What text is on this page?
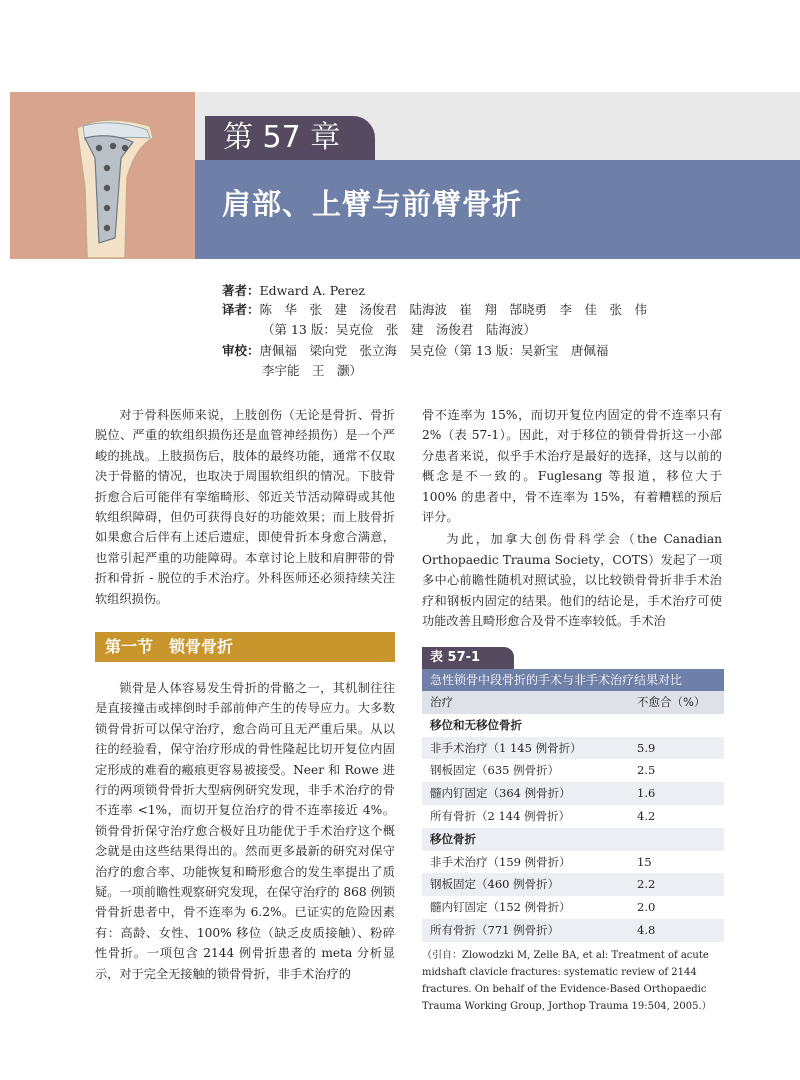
第 57 章
肩部、上臂与前臂骨折
著者：Edward A. Perez
译者：陈　华　张　建　汤俊君　陆海波　崔　翔　郜晓勇　李　佳　张　伟
（第 13 版：吴克俭　张　建　汤俊君　陆海波）
审校：唐佩福　梁向党　张立海　吴克俭（第 13 版：吴新宝　唐佩福
李宇能　王　灏）

对于骨科医师来说，上肢创伤（无论是骨折、骨折脱位、严重的软组织损伤还是血管神经损伤）是一个严峻的挑战。上肢损伤后，肢体的最终功能，通常不仅取决于骨骼的情况，也取决于周围软组织的情况。下肢骨折愈合后可能伴有挛缩畸形、邻近关节活动障碍或其他软组织障碍，但仍可获得良好的功能效果；而上肢骨折如果愈合后伴有上述后遗症，即使骨折本身愈合满意，也常引起严重的功能障碍。本章讨论上肢和肩胛带的骨折和骨折 - 脱位的手术治疗。外科医师还必须持续关注软组织损伤。

第一节　锁骨骨折

锁骨是人体容易发生骨折的骨骼之一，其机制往往是直接撞击或摔倒时手部前伸产生的传导应力。大多数锁骨骨折可以保守治疗，愈合尚可且无严重后果。从以往的经验看，保守治疗形成的骨性隆起比切开复位内固定形成的难看的瘢痕更容易被接受。Neer 和 Rowe 进行的两项锁骨骨折大型病例研究发现，非手术治疗的骨不连率 <1%，而切开复位治疗的骨不连率接近 4%。锁骨骨折保守治疗愈合极好且功能优于手术治疗这个概念就是由这些结果得出的。然而更多最新的研究对保守治疗的愈合率、功能恢复和畸形愈合的发生率提出了质疑。一项前瞻性观察研究发现，在保守治疗的 868 例锁骨骨折患者中，骨不连率为 6.2%。已证实的危险因素有：高龄、女性、100% 移位（缺乏皮质接触）、粉碎性骨折。一项包含 2144 例骨折患者的 meta 分析显示，对于完全无接触的锁骨骨折，非手术治疗的

骨不连率为 15%，而切开复位内固定的骨不连率只有 2%（表 57-1）。因此，对于移位的锁骨骨折这一小部分患者来说，似乎手术治疗是最好的选择，这与以前的概念是不一致的。Fuglesang 等报道，移位大于 100% 的患者中，骨不连率为 15%，有着糟糕的预后评分。

为此，加拿大创伤骨科学会（the Canadian Orthopaedic Trauma Society，COTS）发起了一项多中心前瞻性随机对照试验，以比较锁骨骨折非手术治疗和钢板内固定的结果。他们的结论是，手术治疗可使功能改善且畸形愈合及骨不连率较低。手术治

表 57-1
急性锁骨中段骨折的手术与非手术治疗结果对比
治疗	不愈合（%）
移位和无移位骨折
非手术治疗（1 145 例骨折）	5.9
钢板固定（635 例骨折）	2.5
髓内钉固定（364 例骨折）	1.6
所有骨折（2 144 例骨折）	4.2
移位骨折
非手术治疗（159 例骨折）	15
钢板固定（460 例骨折）	2.2
髓内钉固定（152 例骨折）	2.0
所有骨折（771 例骨折）	4.8
（引自：Zlowodzki M, Zelle BA, et al: Treatment of acute midshaft clavicle fractures: systematic review of 2144 fractures. On behalf of the Evidence-Based Orthopaedic Trauma Working Group, Jorthop Trauma 19:504, 2005.）
